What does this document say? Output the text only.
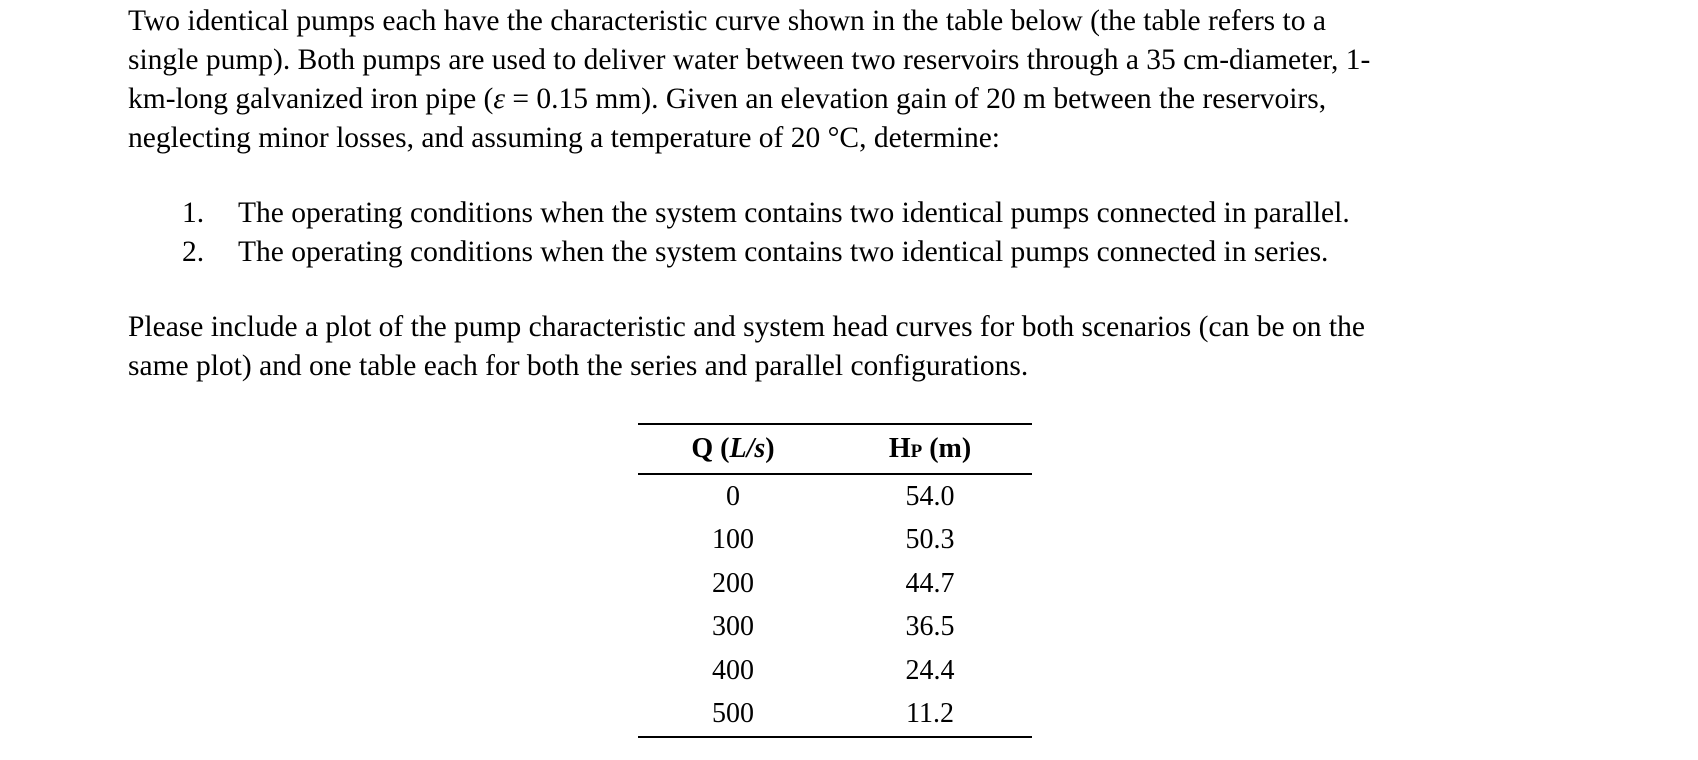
Two identical pumps each have the characteristic curve shown in the table below (the table refers to a
single pump). Both pumps are used to deliver water between two reservoirs through a 35 cm-diameter, 1-
km-long galvanized iron pipe (ε = 0.15 mm). Given an elevation gain of 20 m between the reservoirs,
neglecting minor losses, and assuming a temperature of 20 °C, determine:

1.	The operating conditions when the system contains two identical pumps connected in parallel.
2.	The operating conditions when the system contains two identical pumps connected in series.

Please include a plot of the pump characteristic and system head curves for both scenarios (can be on the
same plot) and one table each for both the series and parallel configurations.

Q (L/s)	HP (m)
0	54.0
100	50.3
200	44.7
300	36.5
400	24.4
500	11.2
